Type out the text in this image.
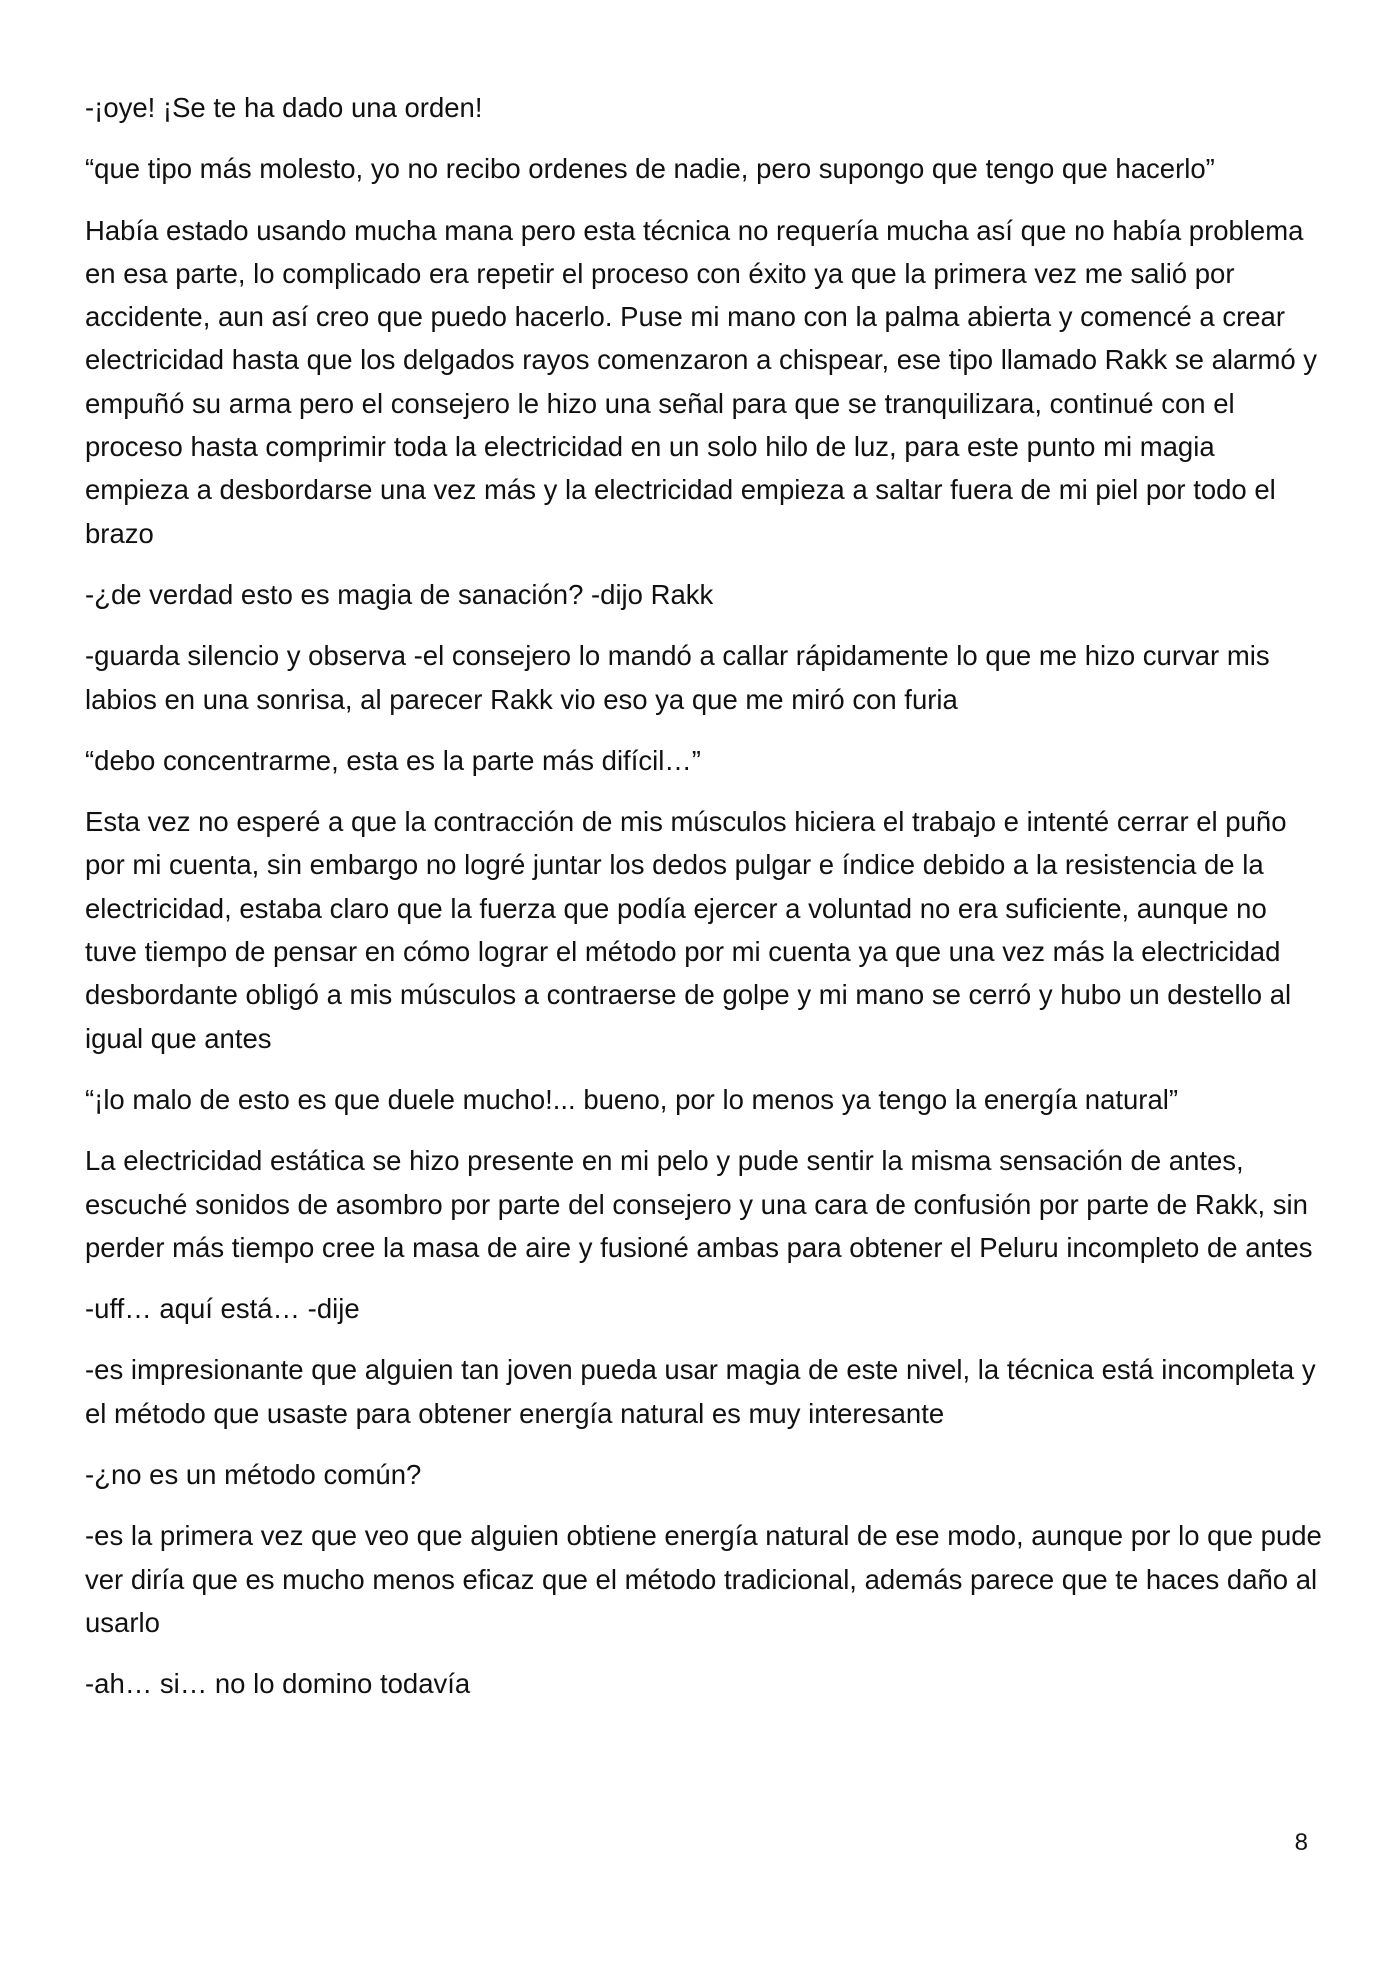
-¡oye! ¡Se te ha dado una orden!

“que tipo más molesto, yo no recibo ordenes de nadie, pero supongo que tengo que hacerlo”

Había estado usando mucha mana pero esta técnica no requería mucha así que no había problema en esa parte, lo complicado era repetir el proceso con éxito ya que la primera vez me salió por accidente, aun así creo que puedo hacerlo. Puse mi mano con la palma abierta y comencé a crear electricidad hasta que los delgados rayos comenzaron a chispear, ese tipo llamado Rakk se alarmó y empuñó su arma pero el consejero le hizo una señal para que se tranquilizara, continué con el proceso hasta comprimir toda la electricidad en un solo hilo de luz, para este punto mi magia empieza a desbordarse una vez más y la electricidad empieza a saltar fuera de mi piel por todo el brazo

-¿de verdad esto es magia de sanación? -dijo Rakk

-guarda silencio y observa -el consejero lo mandó a callar rápidamente lo que me hizo curvar mis labios en una sonrisa, al parecer Rakk vio eso ya que me miró con furia

“debo concentrarme, esta es la parte más difícil…”

Esta vez no esperé a que la contracción de mis músculos hiciera el trabajo e intenté cerrar el puño por mi cuenta, sin embargo no logré juntar los dedos pulgar e índice debido a la resistencia de la electricidad, estaba claro que la fuerza que podía ejercer a voluntad no era suficiente, aunque no tuve tiempo de pensar en cómo lograr el método por mi cuenta ya que una vez más la electricidad desbordante obligó a mis músculos a contraerse de golpe y mi mano se cerró y hubo un destello al igual que antes

“¡lo malo de esto es que duele mucho!... bueno, por lo menos ya tengo la energía natural”

La electricidad estática se hizo presente en mi pelo y pude sentir la misma sensación de antes, escuché sonidos de asombro por parte del consejero y una cara de confusión por parte de Rakk, sin perder más tiempo cree la masa de aire y fusioné ambas para obtener el Peluru incompleto de antes

-uff… aquí está… -dije

-es impresionante que alguien tan joven pueda usar magia de este nivel, la técnica está incompleta y el método que usaste para obtener energía natural es muy interesante

-¿no es un método común?

-es la primera vez que veo que alguien obtiene energía natural de ese modo, aunque por lo que pude ver diría que es mucho menos eficaz que el método tradicional, además parece que te haces daño al usarlo

-ah… si… no lo domino todavía

8
